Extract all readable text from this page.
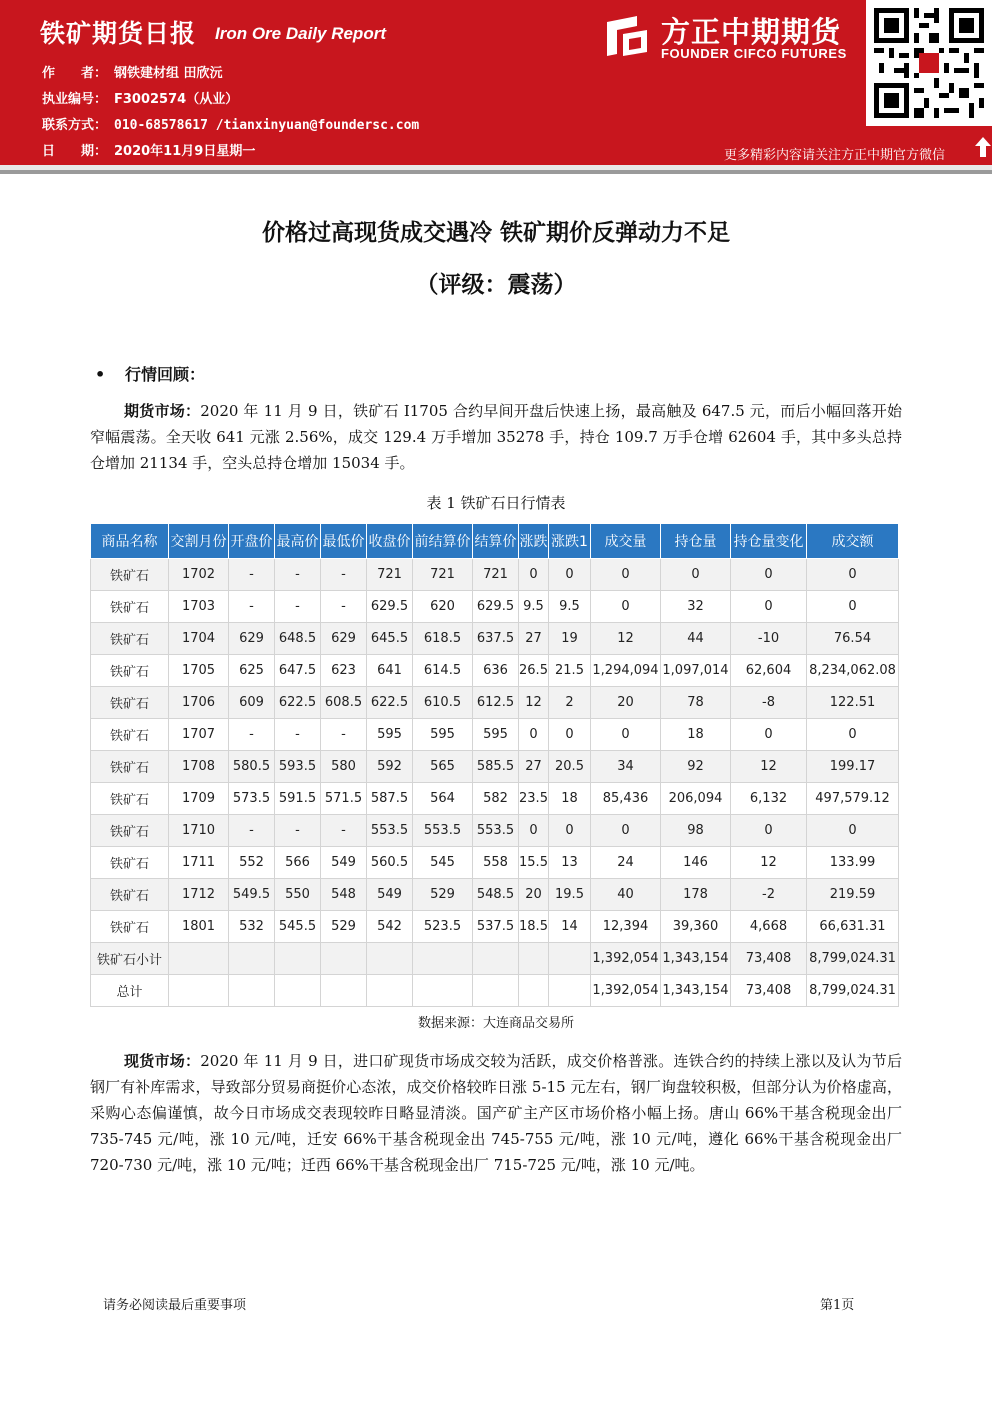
铁矿期货日报 Iron Ore Daily Report
作　　者： 钢铁建材组 田欣沅
执业编号： F3002574（从业）
联系方式： 010-68578617 /tianxinyuan@foundersc.com
日　　期： 2020年11月9日星期一
方正中期期货
FOUNDER CIFCO FUTURES
更多精彩内容请关注方正中期官方微信
价格过高现货成交遇冷 铁矿期价反弹动力不足
（评级：震荡）
• 行情回顾：
期货市场：2020 年 11 月 9 日，铁矿石 I1705 合约早间开盘后快速上扬，最高触及 647.5 元，而后小幅回落开始窄幅震荡。全天收 641 元涨 2.56%，成交 129.4 万手增加 35278 手，持仓 109.7 万手仓增 62604 手，其中多头总持仓增加 21134 手，空头总持仓增加 15034 手。
表 1 铁矿石日行情表
商品名称	交割月份	开盘价	最高价	最低价	收盘价	前结算价	结算价	涨跌	涨跌1	成交量	持仓量	持仓量变化	成交额
铁矿石	1702	-	-	-	721	721	721	0	0	0	0	0	0
铁矿石	1703	-	-	-	629.5	620	629.5	9.5	9.5	0	32	0	0
铁矿石	1704	629	648.5	629	645.5	618.5	637.5	27	19	12	44	-10	76.54
铁矿石	1705	625	647.5	623	641	614.5	636	26.5	21.5	1,294,094	1,097,014	62,604	8,234,062.08
铁矿石	1706	609	622.5	608.5	622.5	610.5	612.5	12	2	20	78	-8	122.51
铁矿石	1707	-	-	-	595	595	595	0	0	0	18	0	0
铁矿石	1708	580.5	593.5	580	592	565	585.5	27	20.5	34	92	12	199.17
铁矿石	1709	573.5	591.5	571.5	587.5	564	582	23.5	18	85,436	206,094	6,132	497,579.12
铁矿石	1710	-	-	-	553.5	553.5	553.5	0	0	0	98	0	0
铁矿石	1711	552	566	549	560.5	545	558	15.5	13	24	146	12	133.99
铁矿石	1712	549.5	550	548	549	529	548.5	20	19.5	40	178	-2	219.59
铁矿石	1801	532	545.5	529	542	523.5	537.5	18.5	14	12,394	39,360	4,668	66,631.31
铁矿石小计										1,392,054	1,343,154	73,408	8,799,024.31
总计										1,392,054	1,343,154	73,408	8,799,024.31
数据来源：大连商品交易所
现货市场：2020 年 11 月 9 日，进口矿现货市场成交较为活跃，成交价格普涨。连铁合约的持续上涨以及认为节后钢厂有补库需求，导致部分贸易商挺价心态浓，成交价格较昨日涨 5-15 元左右，钢厂询盘较积极，但部分认为价格虚高，采购心态偏谨慎，故今日市场成交表现较昨日略显清淡。国产矿主产区市场价格小幅上扬。唐山 66%干基含税现金出厂 735-745 元/吨，涨 10 元/吨，迁安 66%干基含税现金出 745-755 元/吨，涨 10 元/吨，遵化 66%干基含税现金出厂 720-730 元/吨，涨 10 元/吨；迁西 66%干基含税现金出厂 715-725 元/吨，涨 10 元/吨。
请务必阅读最后重要事项	第1页
